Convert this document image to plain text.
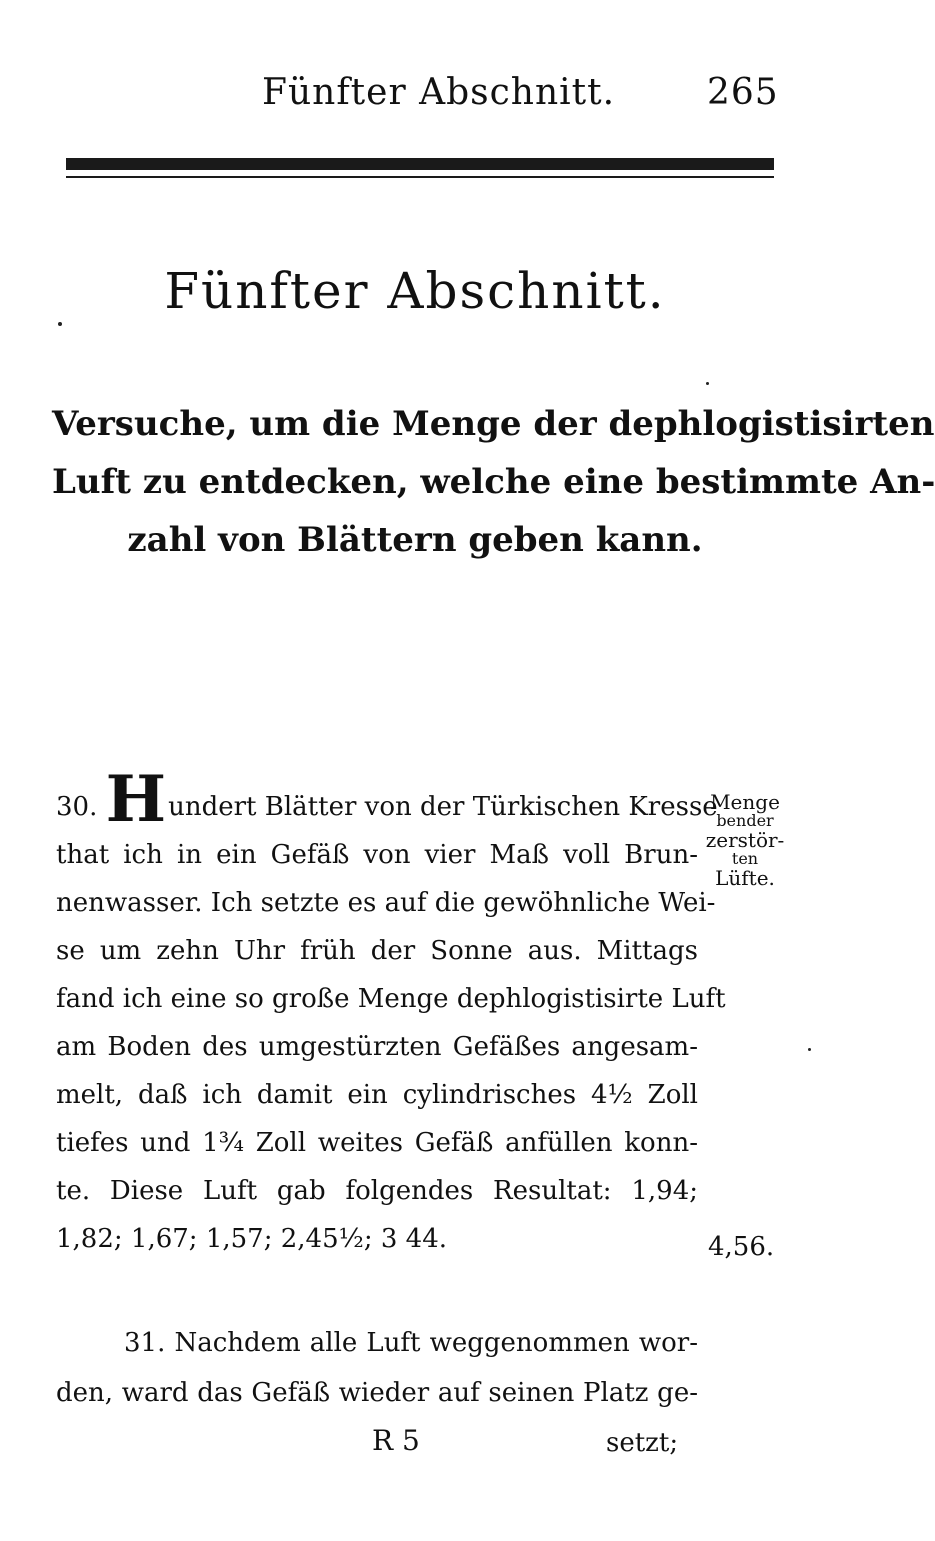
Fünfter Abschnitt.	265
Fünfter Abschnitt.
Versuche, um die Menge der dephlogistisirten
Luft zu entdecken, welche eine bestimmte An-
zahl von Blättern geben kann.
30. Hundert Blätter von der Türkischen Kresse
that ich in ein Gefäß von vier Maß voll Brun-
nenwasser. Ich setzte es auf die gewöhnliche Wei-
se um zehn Uhr früh der Sonne aus. Mittags
fand ich eine so große Menge dephlogistisirte Luft
am Boden des umgestürzten Gefäßes angesam-
melt, daß ich damit ein cylindrisches 4½ Zoll
tiefes und 1¾ Zoll weites Gefäß anfüllen konn-
te. Diese Luft gab folgendes Resultat: 1,94;
1,82; 1,67; 1,57; 2,45½; 3 44.
Menge
bender
zerstör-
ten
Lüfte.
4,56.
31. Nachdem alle Luft weggenommen wor-
den, ward das Gefäß wieder auf seinen Platz ge-
R 5	setzt;
